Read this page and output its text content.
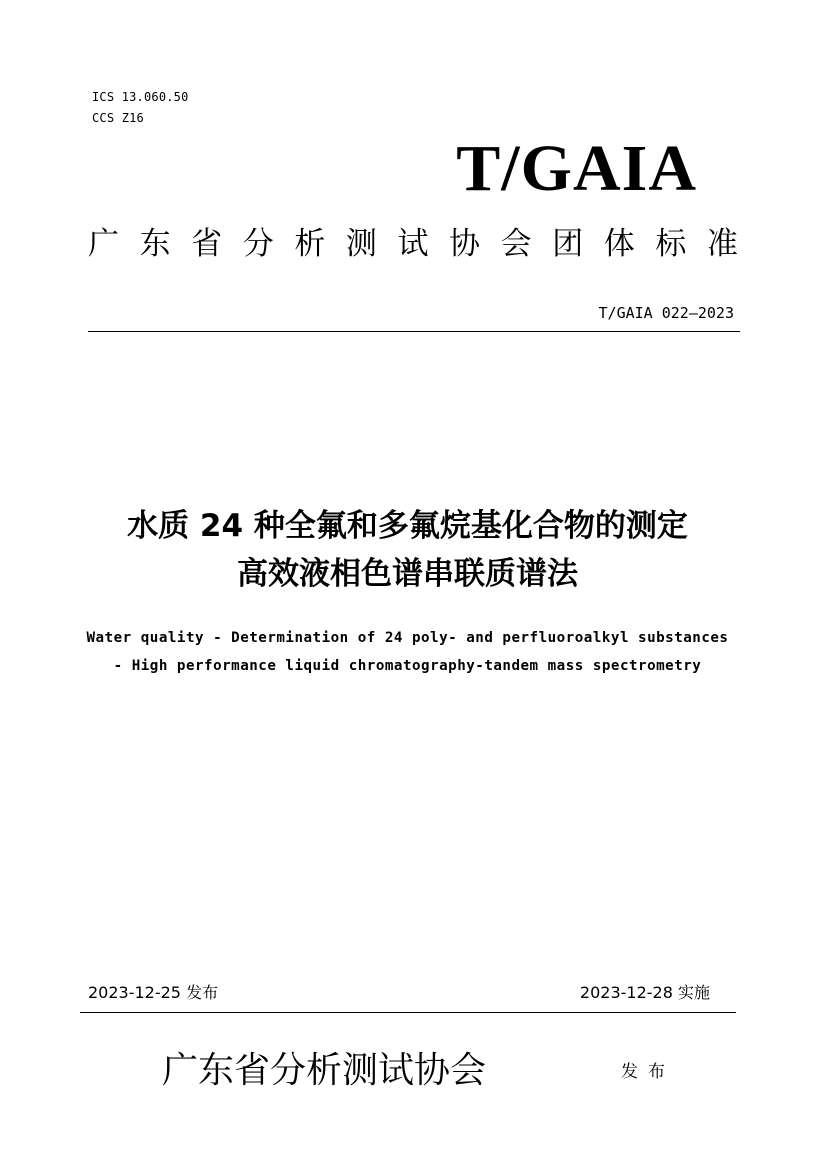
ICS 13.060.50
CCS Z16
T/GAIA
广 东 省 分 析 测 试 协 会 团 体 标 准
T/GAIA 022—2023
水质 24 种全氟和多氟烷基化合物的测定
高效液相色谱串联质谱法
Water quality - Determination of 24 poly- and perfluoroalkyl substances
- High performance liquid chromatography-tandem mass spectrometry
2023-12-25 发布	2023-12-28 实施
广东省分析测试协会	发布
